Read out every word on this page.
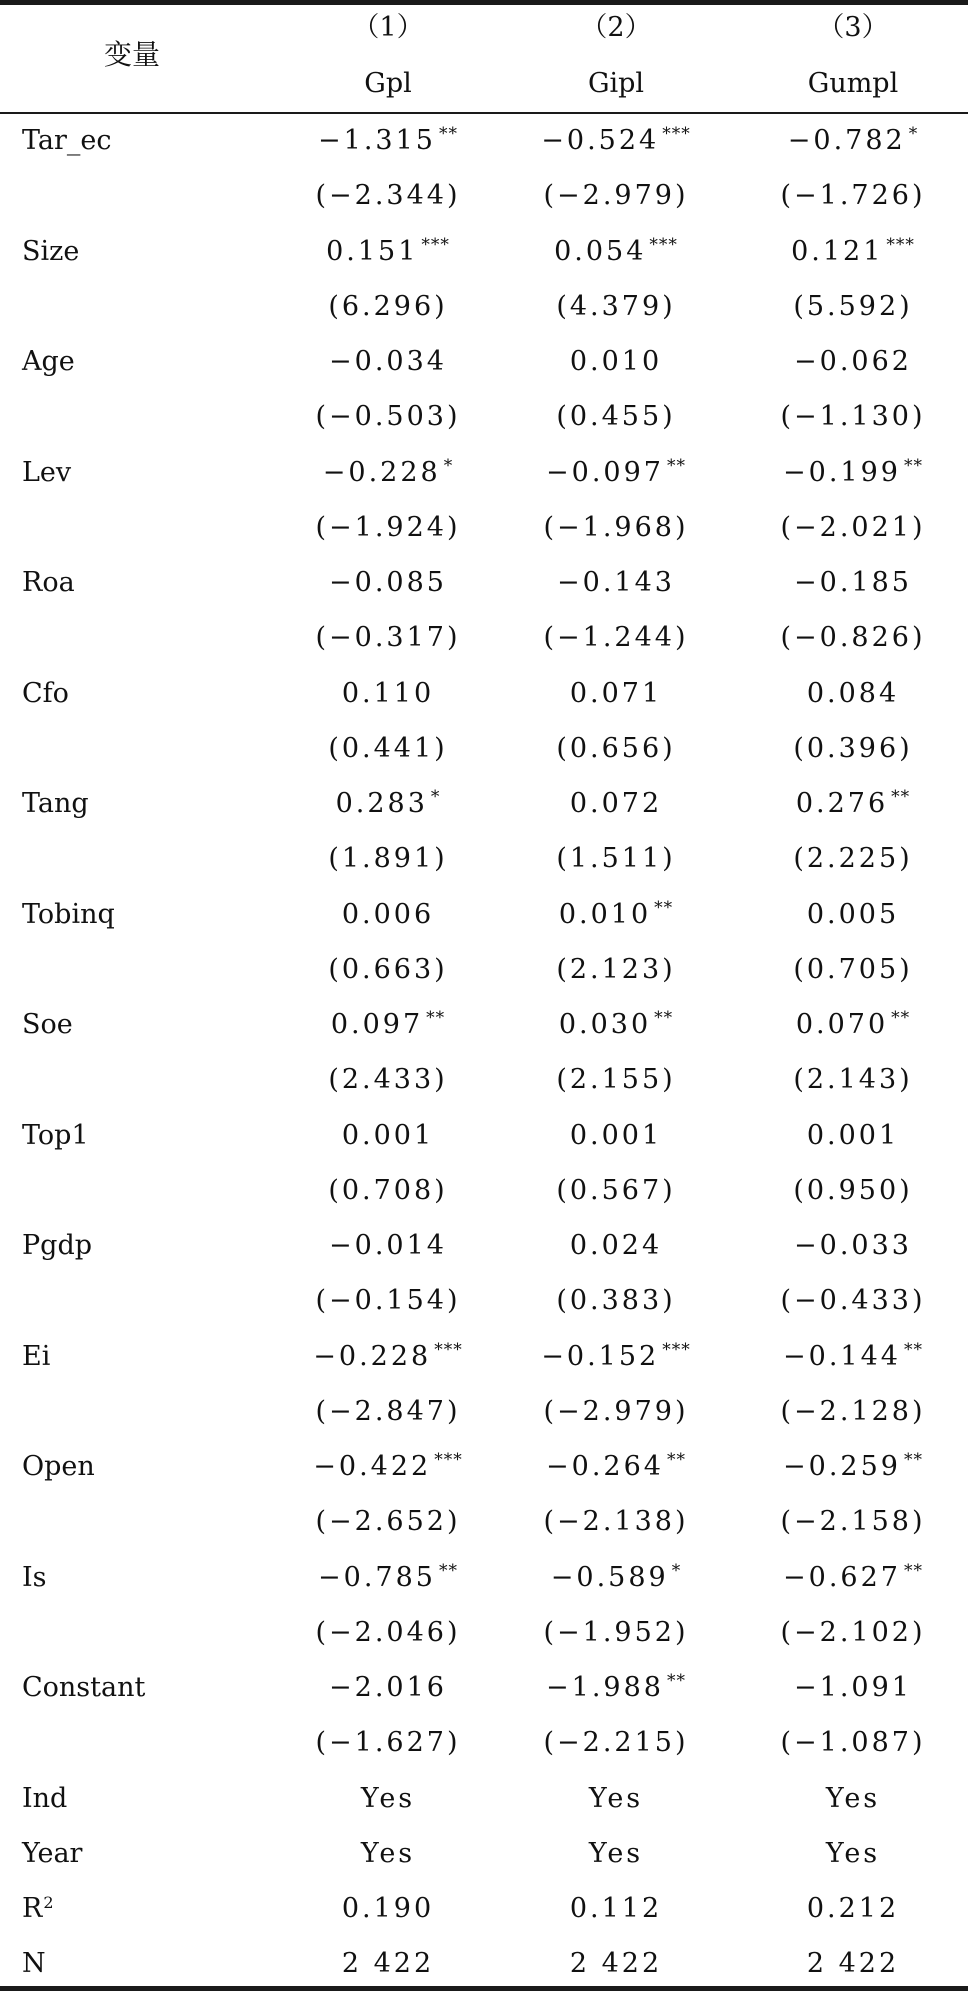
变量
（1）	（2）	（3）
Gpl	Gipl	Gumpl
Tar_ec	−1.315 **	−0.524 ***	−0.782 *
(−2.344)	(−2.979)	(−1.726)
Size	0.151 ***	0.054 ***	0.121 ***
(6.296)	(4.379)	(5.592)
Age	−0.034	0.010	−0.062
(−0.503)	(0.455)	(−1.130)
Lev	−0.228 *	−0.097 **	−0.199 **
(−1.924)	(−1.968)	(−2.021)
Roa	−0.085	−0.143	−0.185
(−0.317)	(−1.244)	(−0.826)
Cfo	0.110	0.071	0.084
(0.441)	(0.656)	(0.396)
Tang	0.283 *	0.072	0.276 **
(1.891)	(1.511)	(2.225)
Tobinq	0.006	0.010 **	0.005
(0.663)	(2.123)	(0.705)
Soe	0.097 **	0.030 **	0.070 **
(2.433)	(2.155)	(2.143)
Top1	0.001	0.001	0.001
(0.708)	(0.567)	(0.950)
Pgdp	−0.014	0.024	−0.033
(−0.154)	(0.383)	(−0.433)
Ei	−0.228 ***	−0.152 ***	−0.144 **
(−2.847)	(−2.979)	(−2.128)
Open	−0.422 ***	−0.264 **	−0.259 **
(−2.652)	(−2.138)	(−2.158)
Is	−0.785 **	−0.589 *	−0.627 **
(−2.046)	(−1.952)	(−2.102)
Constant	−2.016	−1.988 **	−1.091
(−1.627)	(−2.215)	(−1.087)
Ind	Yes	Yes	Yes
Year	Yes	Yes	Yes
$R^2$	0.190	0.112	0.212
N	2 422	2 422	2 422
